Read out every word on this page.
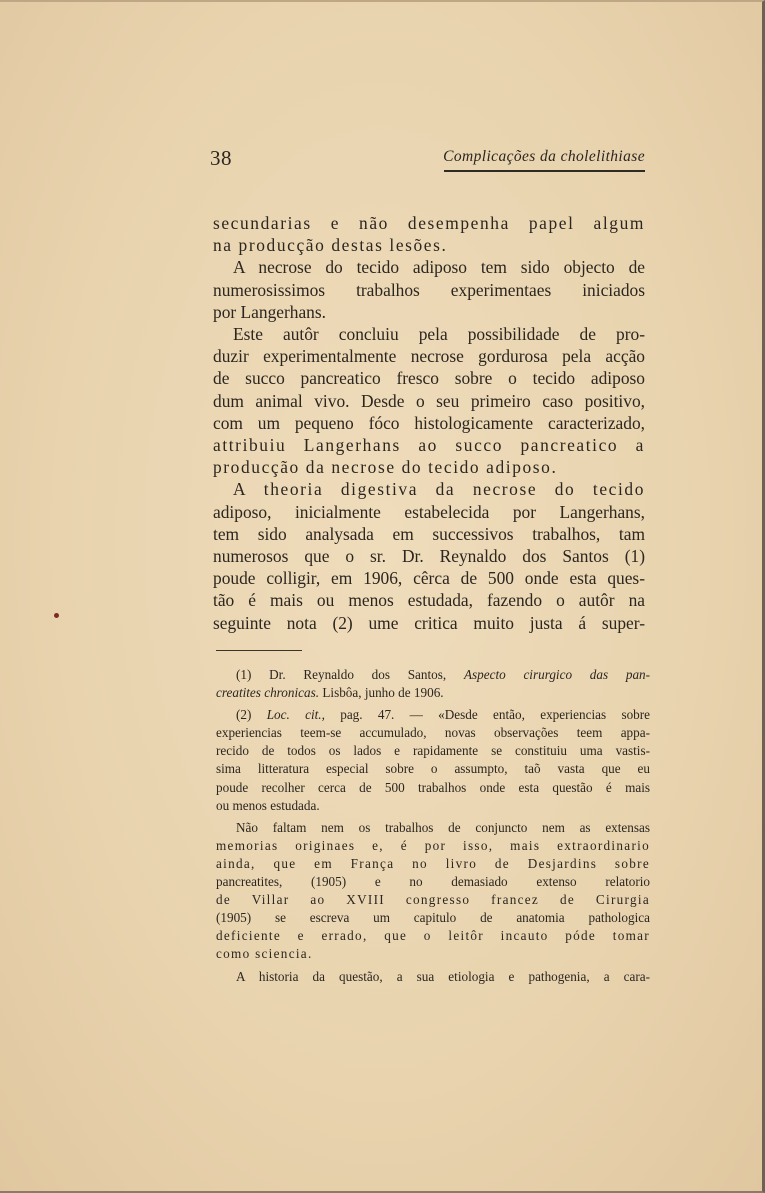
38	Complicações da cholelithiase
secundarias e não desempenha papel algum
na producção destas lesões.
A necrose do tecido adiposo tem sido objecto de
numerosissimos trabalhos experimentaes iniciados
por Langerhans.
Este autôr concluiu pela possibilidade de pro-
duzir experimentalmente necrose gordurosa pela acção
de succo pancreatico fresco sobre o tecido adiposo
dum animal vivo. Desde o seu primeiro caso positivo,
com um pequeno fóco histologicamente caracterizado,
attribuiu Langerhans ao succo pancreatico a
producção da necrose do tecido adiposo.
A theoria digestiva da necrose do tecido
adiposo, inicialmente estabelecida por Langerhans,
tem sido analysada em successivos trabalhos, tam
numerosos que o sr. Dr. Reynaldo dos Santos (1)
poude colligir, em 1906, cêrca de 500 onde esta ques-
tão é mais ou menos estudada, fazendo o autôr na
seguinte nota (2) ume critica muito justa á super-
(1) Dr. Reynaldo dos Santos, Aspecto cirurgico das pan-
creatites chronicas. Lisbôa, junho de 1906.
(2) Loc. cit., pag. 47. — «Desde então, experiencias sobre
experiencias teem-se accumulado, novas observações teem appa-
recido de todos os lados e rapidamente se constituiu uma vastis-
sima litteratura especial sobre o assumpto, taõ vasta que eu
poude recolher cerca de 500 trabalhos onde esta questão é mais
ou menos estudada.
Não faltam nem os trabalhos de conjuncto nem as extensas
memorias originaes e, é por isso, mais extraordinario
ainda, que em França no livro de Desjardins sobre
pancreatites, (1905) e no demasiado extenso relatorio
de Villar ao XVIII congresso francez de Cirurgia
(1905) se escreva um capitulo de anatomia pathologica
deficiente e errado, que o leitôr incauto póde tomar
como sciencia.
A historia da questão, a sua etiologia e pathogenia, a cara-
